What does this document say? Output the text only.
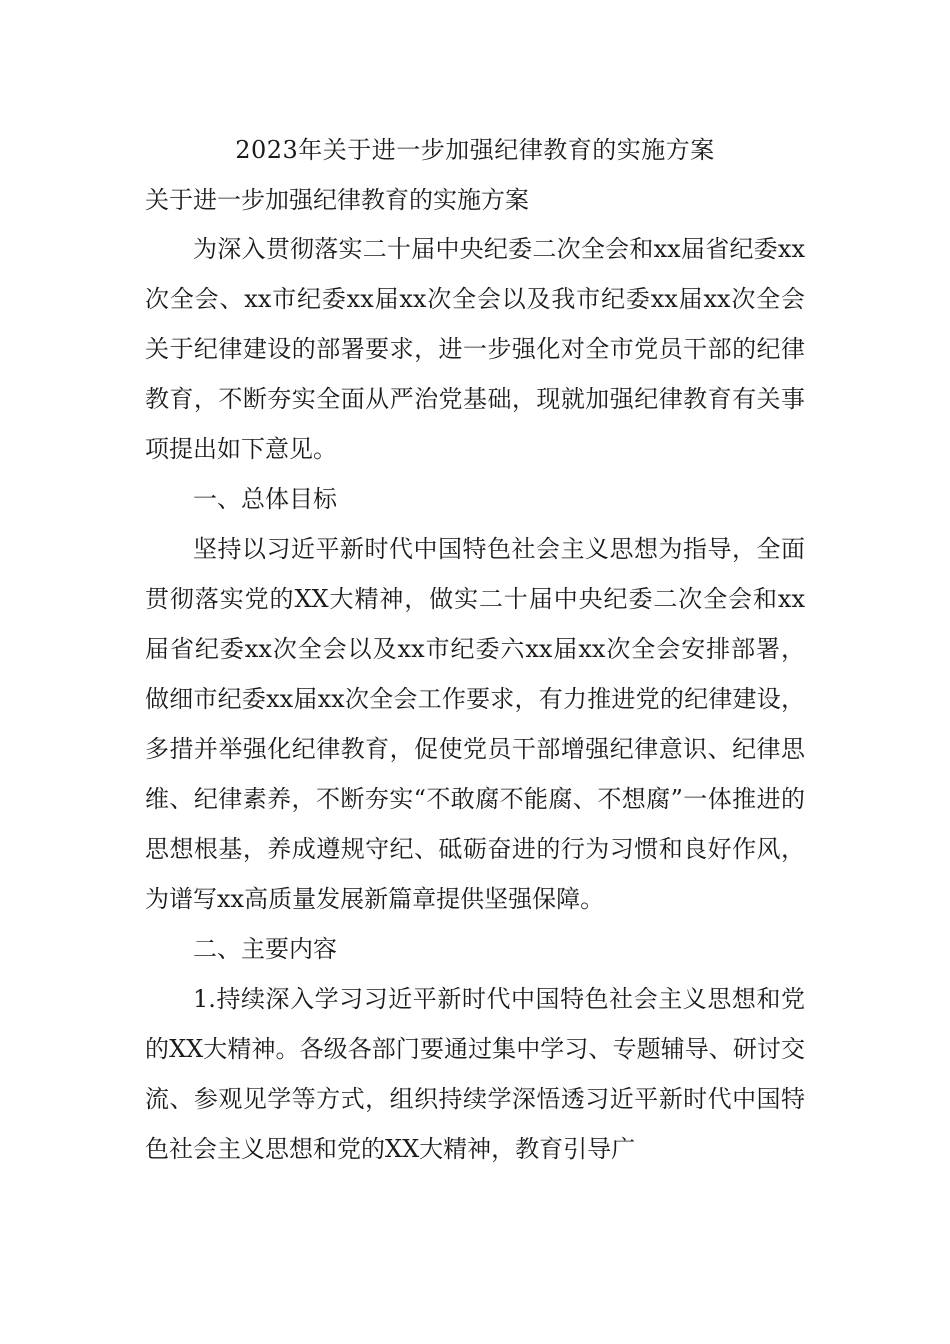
2023年关于进一步加强纪律教育的实施方案

关于进一步加强纪律教育的实施方案

为深入贯彻落实二十届中央纪委二次全会和xx届省纪委xx次全会、xx市纪委xx届xx次全会以及我市纪委xx届xx次全会关于纪律建设的部署要求，进一步强化对全市党员干部的纪律教育，不断夯实全面从严治党基础，现就加强纪律教育有关事项提出如下意见。

一、总体目标

坚持以习近平新时代中国特色社会主义思想为指导，全面贯彻落实党的XX大精神，做实二十届中央纪委二次全会和xx届省纪委xx次全会以及xx市纪委六xx届xx次全会安排部署，做细市纪委xx届xx次全会工作要求，有力推进党的纪律建设，多措并举强化纪律教育，促使党员干部增强纪律意识、纪律思维、纪律素养，不断夯实“不敢腐不能腐、不想腐”一体推进的思想根基，养成遵规守纪、砥砺奋进的行为习惯和良好作风，为谱写xx高质量发展新篇章提供坚强保障。

二、主要内容

1.持续深入学习习近平新时代中国特色社会主义思想和党的XX大精神。各级各部门要通过集中学习、专题辅导、研讨交流、参观见学等方式，组织持续学深悟透习近平新时代中国特色社会主义思想和党的XX大精神，教育引导广
